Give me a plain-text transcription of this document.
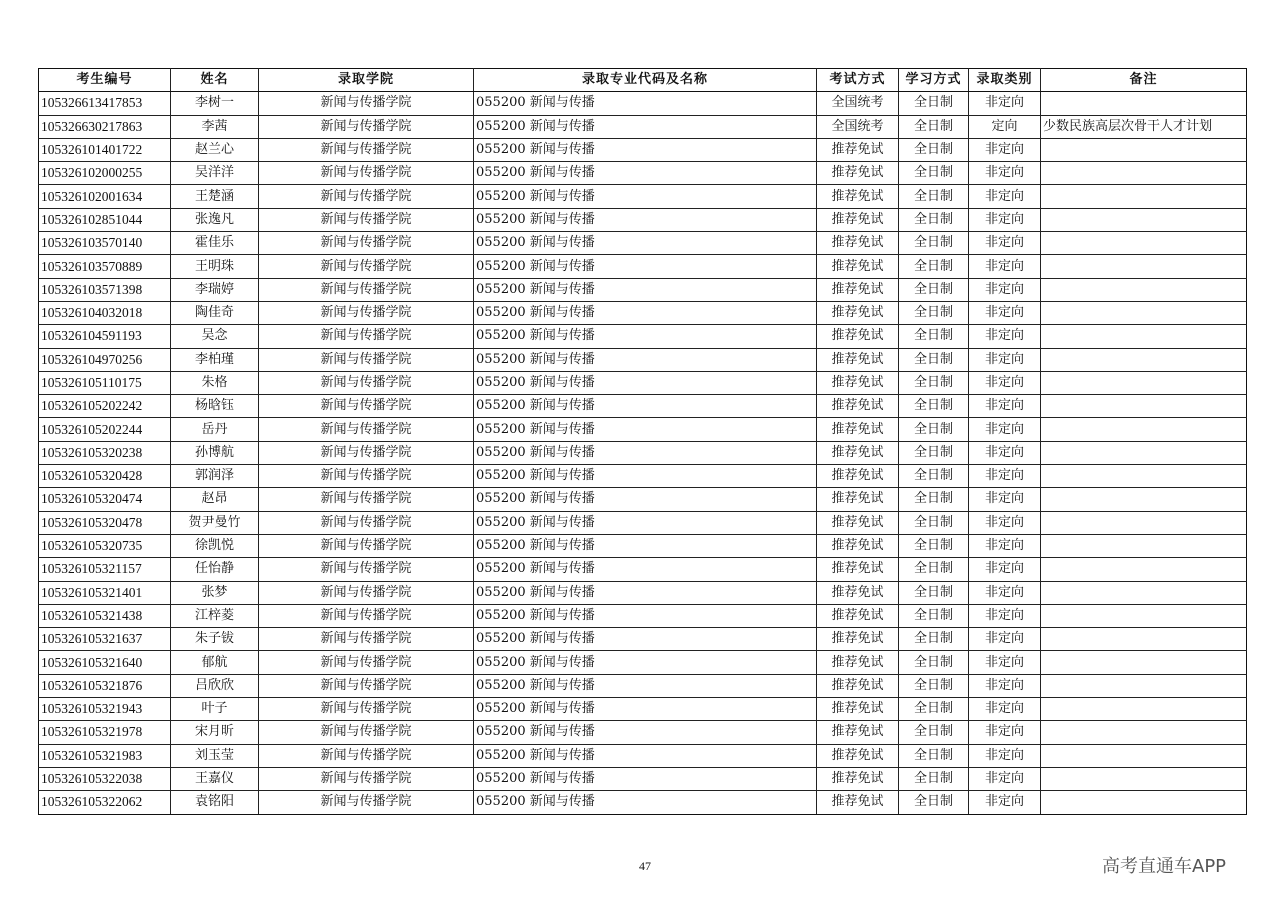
考生编号	姓名	录取学院	录取专业代码及名称	考试方式	学习方式	录取类别	备注
105326613417853	李树一	新闻与传播学院	055200 新闻与传播	全国统考	全日制	非定向	
105326630217863	李茜	新闻与传播学院	055200 新闻与传播	全国统考	全日制	定向	少数民族高层次骨干人才计划
105326101401722	赵兰心	新闻与传播学院	055200 新闻与传播	推荐免试	全日制	非定向	
105326102000255	吴洋洋	新闻与传播学院	055200 新闻与传播	推荐免试	全日制	非定向	
105326102001634	王楚涵	新闻与传播学院	055200 新闻与传播	推荐免试	全日制	非定向	
105326102851044	张逸凡	新闻与传播学院	055200 新闻与传播	推荐免试	全日制	非定向	
105326103570140	霍佳乐	新闻与传播学院	055200 新闻与传播	推荐免试	全日制	非定向	
105326103570889	王明珠	新闻与传播学院	055200 新闻与传播	推荐免试	全日制	非定向	
105326103571398	李瑞婷	新闻与传播学院	055200 新闻与传播	推荐免试	全日制	非定向	
105326104032018	陶佳奇	新闻与传播学院	055200 新闻与传播	推荐免试	全日制	非定向	
105326104591193	吴念	新闻与传播学院	055200 新闻与传播	推荐免试	全日制	非定向	
105326104970256	李柏瑾	新闻与传播学院	055200 新闻与传播	推荐免试	全日制	非定向	
105326105110175	朱格	新闻与传播学院	055200 新闻与传播	推荐免试	全日制	非定向	
105326105202242	杨晗钰	新闻与传播学院	055200 新闻与传播	推荐免试	全日制	非定向	
105326105202244	岳丹	新闻与传播学院	055200 新闻与传播	推荐免试	全日制	非定向	
105326105320238	孙博航	新闻与传播学院	055200 新闻与传播	推荐免试	全日制	非定向	
105326105320428	郭润泽	新闻与传播学院	055200 新闻与传播	推荐免试	全日制	非定向	
105326105320474	赵昂	新闻与传播学院	055200 新闻与传播	推荐免试	全日制	非定向	
105326105320478	贺尹曼竹	新闻与传播学院	055200 新闻与传播	推荐免试	全日制	非定向	
105326105320735	徐凯悦	新闻与传播学院	055200 新闻与传播	推荐免试	全日制	非定向	
105326105321157	任怡静	新闻与传播学院	055200 新闻与传播	推荐免试	全日制	非定向	
105326105321401	张梦	新闻与传播学院	055200 新闻与传播	推荐免试	全日制	非定向	
105326105321438	江梓菱	新闻与传播学院	055200 新闻与传播	推荐免试	全日制	非定向	
105326105321637	朱子钹	新闻与传播学院	055200 新闻与传播	推荐免试	全日制	非定向	
105326105321640	郁航	新闻与传播学院	055200 新闻与传播	推荐免试	全日制	非定向	
105326105321876	吕欣欣	新闻与传播学院	055200 新闻与传播	推荐免试	全日制	非定向	
105326105321943	叶子	新闻与传播学院	055200 新闻与传播	推荐免试	全日制	非定向	
105326105321978	宋月昕	新闻与传播学院	055200 新闻与传播	推荐免试	全日制	非定向	
105326105321983	刘玉莹	新闻与传播学院	055200 新闻与传播	推荐免试	全日制	非定向	
105326105322038	王嘉仪	新闻与传播学院	055200 新闻与传播	推荐免试	全日制	非定向	
105326105322062	袁铭阳	新闻与传播学院	055200 新闻与传播	推荐免试	全日制	非定向	
47	高考直通车APP
